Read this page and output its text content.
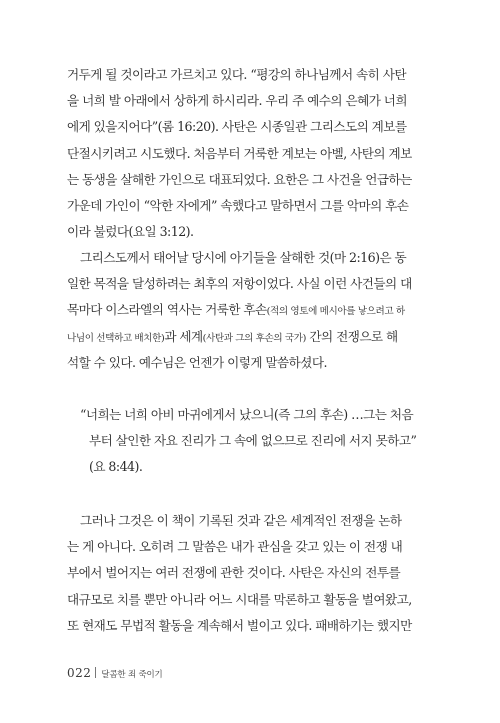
거두게 될 것이라고 가르치고 있다. “평강의 하나님께서 속히 사탄
을 너희 발 아래에서 상하게 하시리라. 우리 주 예수의 은혜가 너희
에게 있을지어다”(롬 16:20). 사탄은 시종일관 그리스도의 계보를
단절시키려고 시도했다. 처음부터 거룩한 계보는 아벨, 사탄의 계보
는 동생을 살해한 가인으로 대표되었다. 요한은 그 사건을 언급하는
가운데 가인이 “악한 자에게” 속했다고 말하면서 그를 악마의 후손
이라 불렀다(요일 3:12).
그리스도께서 태어날 당시에 아기들을 살해한 것(마 2:16)은 동
일한 목적을 달성하려는 최후의 저항이었다. 사실 이런 사건들의 대
목마다 이스라엘의 역사는 거룩한 후손(적의 영토에 메시아를 낳으려고 하
나님이 선택하고 배치한)과 세계(사탄과 그의 후손의 국가) 간의 전쟁으로 해
석할 수 있다. 예수님은 언젠가 이렇게 말씀하셨다.
“너희는 너희 아비 마귀에게서 났으니(즉 그의 후손) …그는 처음
부터 살인한 자요 진리가 그 속에 없으므로 진리에 서지 못하고”
(요 8:44).
그러나 그것은 이 책이 기록된 것과 같은 세계적인 전쟁을 논하
는 게 아니다. 오히려 그 말씀은 내가 관심을 갖고 있는 이 전쟁 내
부에서 벌어지는 여러 전쟁에 관한 것이다. 사탄은 자신의 전투를
대규모로 치를 뿐만 아니라 어느 시대를 막론하고 활동을 벌여왔고,
또 현재도 무법적 활동을 계속해서 벌이고 있다. 패배하기는 했지만
022 달콤한 죄 죽이기
